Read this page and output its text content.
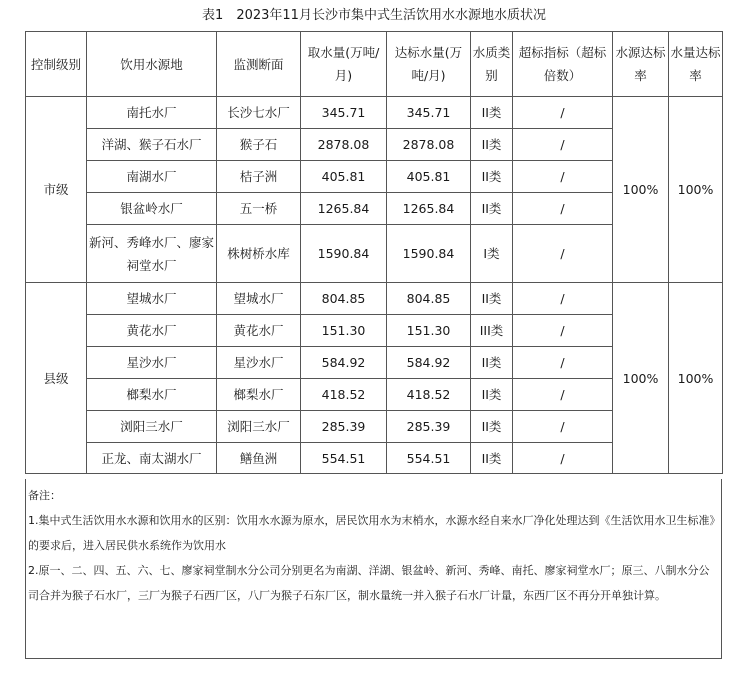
表1　2023年11月长沙市集中式生活饮用水水源地水质状况
控制级别	饮用水源地	监测断面	取水量(万吨/月)	达标水量(万吨/月)	水质类别	超标指标（超标倍数）	水源达标率	水量达标率
市级	南托水厂	长沙七水厂	345.71	345.71	II类	/	100%	100%
	洋湖、猴子石水厂	猴子石	2878.08	2878.08	II类	/		
	南湖水厂	桔子洲	405.81	405.81	II类	/		
	银盆岭水厂	五一桥	1265.84	1265.84	II类	/		
	新河、秀峰水厂、廖家祠堂水厂	株树桥水库	1590.84	1590.84	I类	/		
县级	望城水厂	望城水厂	804.85	804.85	II类	/	100%	100%
	黄花水厂	黄花水厂	151.30	151.30	III类	/		
	星沙水厂	星沙水厂	584.92	584.92	II类	/		
	榔梨水厂	榔梨水厂	418.52	418.52	II类	/		
	浏阳三水厂	浏阳三水厂	285.39	285.39	II类	/		
	正龙、南太湖水厂	鳝鱼洲	554.51	554.51	II类	/		

备注：

1.集中式生活饮用水水源和饮用水的区别：饮用水水源为原水，居民饮用水为末梢水，水源水经自来水厂净化处理达到《生活饮用水卫生标准》的要求后，进入居民供水系统作为饮用水

2.原一、二、四、五、六、七、廖家祠堂制水分公司分别更名为南湖、洋湖、银盆岭、新河、秀峰、南托、廖家祠堂水厂；原三、八制水分公司合并为猴子石水厂，三厂为猴子石西厂区，八厂为猴子石东厂区，制水量统一并入猴子石水厂计量，东西厂区不再分开单独计算。
